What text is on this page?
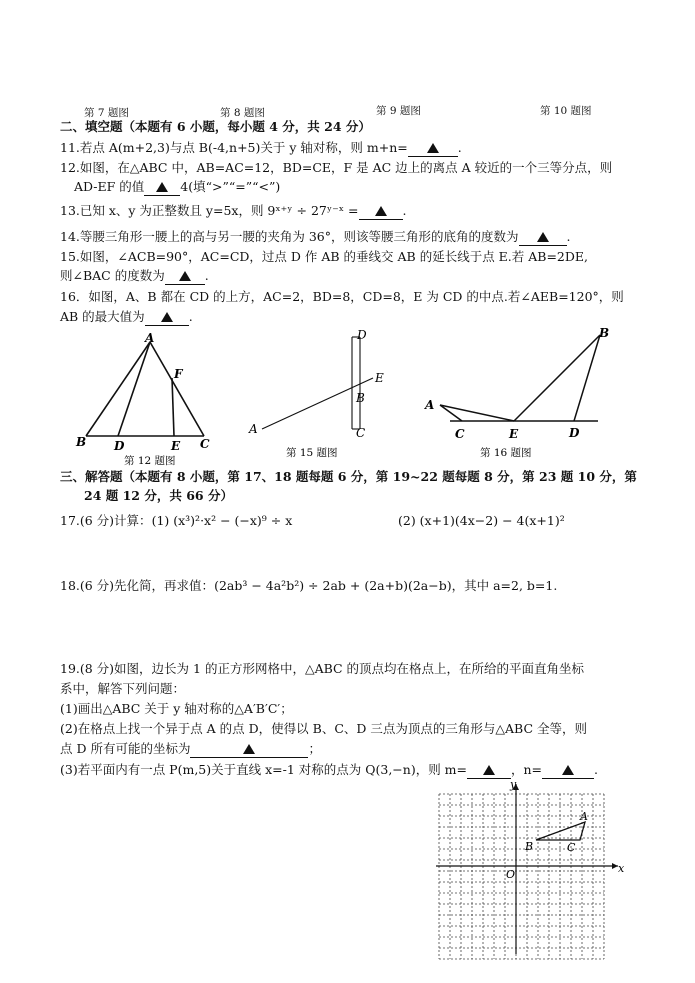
第 7 题图	第 8 题图	第 9 题图	第 10 题图
二、填空题（本题有 6 小题，每小题 4 分，共 24 分）
11.若点 A(m+2,3)与点 B(-4,n+5)关于 y 轴对称，则 m+n=	.
12.如图，在△ABC 中，AB=AC=12，BD=CE，F 是 AC 边上的离点 A 较近的一个三等分点，则
AD-EF 的值	4(填“>”“=”“<”)
13.已知 x、y 为正整数且 y=5x，则 9ˣ⁺ʸ ÷ 27ʸ⁻ˣ =	.
14.等腰三角形一腰上的高与另一腰的夹角为 36°，则该等腰三角形的底角的度数为	.
15.如图，∠ACB=90°，AC=CD，过点 D 作 AB 的垂线交 AB 的延长线于点 E.若 AB=2DE,
则∠BAC 的度数为	.
16．如图，A、B 都在 CD 的上方，AC=2，BD=8，CD=8，E 为 CD 的中点.若∠AEB=120°，则
AB 的最大值为	.
A
B D	E C
F
第 12 题图
D
E
B
A	C
第 15 题图
B
A
C	E	D
第 16 题图
三、解答题（本题有 8 小题，第 17、18 题每题 6 分，第 19~22 题每题 8 分，第 23 题 10 分，第
24 题 12 分，共 66 分）
17.(6 分)计算：(1) (x³)²·x² − (−x)⁹ ÷ x	(2) (x+1)(4x−2) − 4(x+1)²
18.(6 分)先化简，再求值：(2ab³ − 4a²b²) ÷ 2ab + (2a+b)(2a−b)，其中 a=2, b=1.
19.(8 分)如图，边长为 1 的正方形网格中，△ABC 的顶点均在格点上，在所给的平面直角坐标
系中，解答下列问题：
(1)画出△ABC 关于 y 轴对称的△A′B′C′；
(2)在格点上找一个异于点 A 的点 D，使得以 B、C、D 三点为顶点的三角形与△ABC 全等，则
点 D 所有可能的坐标为	；
(3)若平面内有一点 P(m,5)关于直线 x=-1 对称的点为 Q(3,−n)，则 m=	，n=	.
y
x
O
A
B	C
